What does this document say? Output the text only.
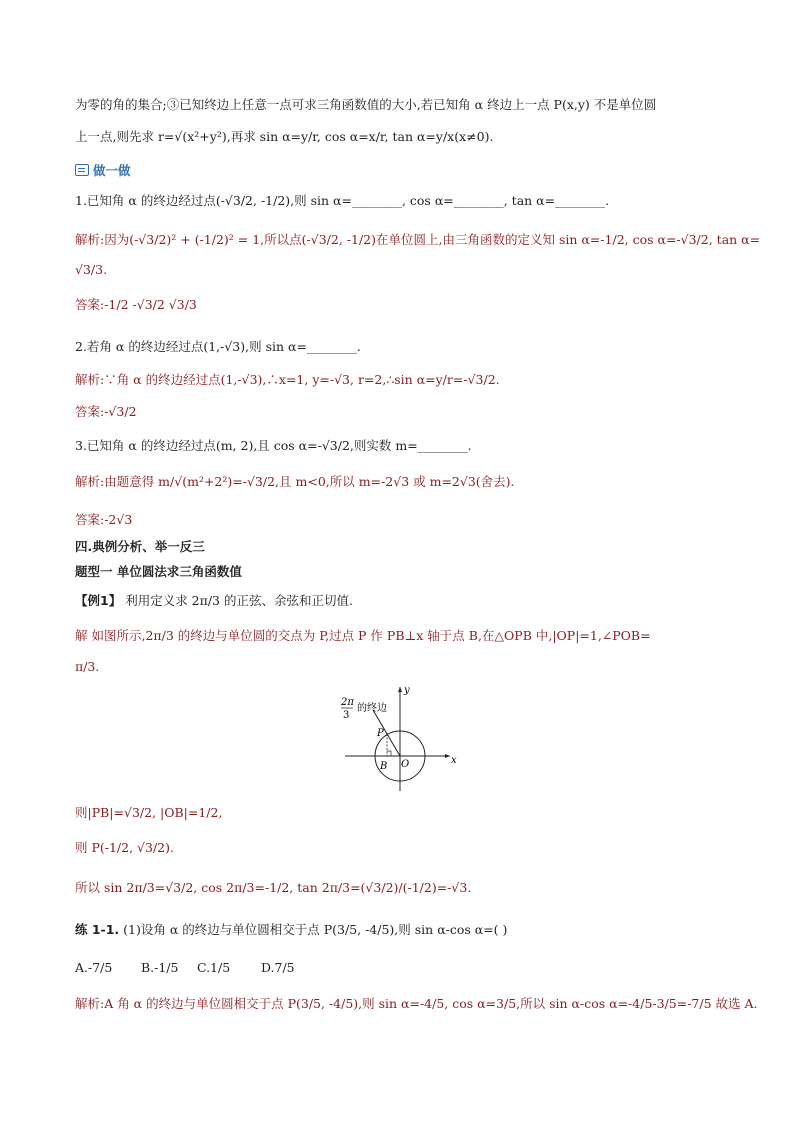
为零的角的集合;③已知终边上任意一点可求三角函数值的大小,若已知角 α 终边上一点 P(x,y) 不是单位圆
上一点,则先求 r=√(x²+y²),再求 sin α=y/r, cos α=x/r, tan α=y/x(x≠0).
做一做
1.已知角 α 的终边经过点(-√3/2, -1/2),则 sin α=________, cos α=________, tan α=________.
解析:因为(-√3/2)² + (-1/2)² = 1,所以点(-√3/2, -1/2)在单位圆上,由三角函数的定义知 sin α=-1/2, cos α=-√3/2, tan α=
√3/3.
答案:-1/2 -√3/2 √3/3
2.若角 α 的终边经过点(1,-√3),则 sin α=________.
解析:∵角 α 的终边经过点(1,-√3),∴x=1, y=-√3, r=2,∴sin α=y/r=-√3/2.
答案:-√3/2
3.已知角 α 的终边经过点(m, 2),且 cos α=-√3/2,则实数 m=________.
解析:由题意得 m/√(m²+2²)=-√3/2,且 m<0,所以 m=-2√3 或 m=2√3(舍去).
答案:-2√3
四.典例分析、举一反三
题型一 单位圆法求三角函数值
【例1】 利用定义求 2π/3 的正弦、余弦和正切值.
解 如图所示,2π/3 的终边与单位圆的交点为 P,过点 P 作 PB⊥x 轴于点 B,在△OPB 中,|OP|=1,∠POB=
π/3.
2π
3
的终边
x
y
P
B O
则|PB|=√3/2, |OB|=1/2,
则 P(-1/2, √3/2).
所以 sin 2π/3=√3/2, cos 2π/3=-1/2, tan 2π/3=(√3/2)/(-1/2)=-√3.
练 1-1. (1)设角 α 的终边与单位圆相交于点 P(3/5, -4/5),则 sin α-cos α=( )
A.-7/5 B.-1/5 C.1/5 D.7/5
解析:A 角 α 的终边与单位圆相交于点 P(3/5, -4/5),则 sin α=-4/5, cos α=3/5,所以 sin α-cos α=-4/5-3/5=-7/5 故选 A.
